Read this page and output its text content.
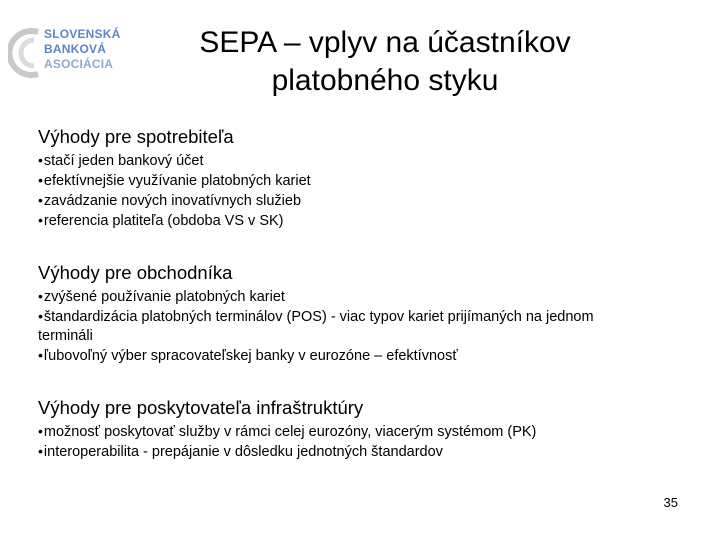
SLOVENSKÁ
BANKOVÁ
ASOCIÁCIA
SEPA – vplyv na účastníkov
platobného styku
Výhody pre spotrebiteľa
•stačí jeden bankový účet
•efektívnejšie využívanie platobných kariet
•zavádzanie nových inovatívnych služieb
•referencia platiteľa (obdoba VS v SK)
Výhody pre obchodníka
•zvýšené používanie platobných kariet
•štandardizácia platobných terminálov (POS) - viac typov kariet prijímaných na jednom termináli
•ľubovoľný výber spracovateľskej banky v eurozóne – efektívnosť
Výhody pre poskytovateľa infraštruktúry
•možnosť poskytovať služby v rámci celej eurozóny, viacerým systémom (PK)
•interoperabilita - prepájanie v dôsledku jednotných štandardov
35
